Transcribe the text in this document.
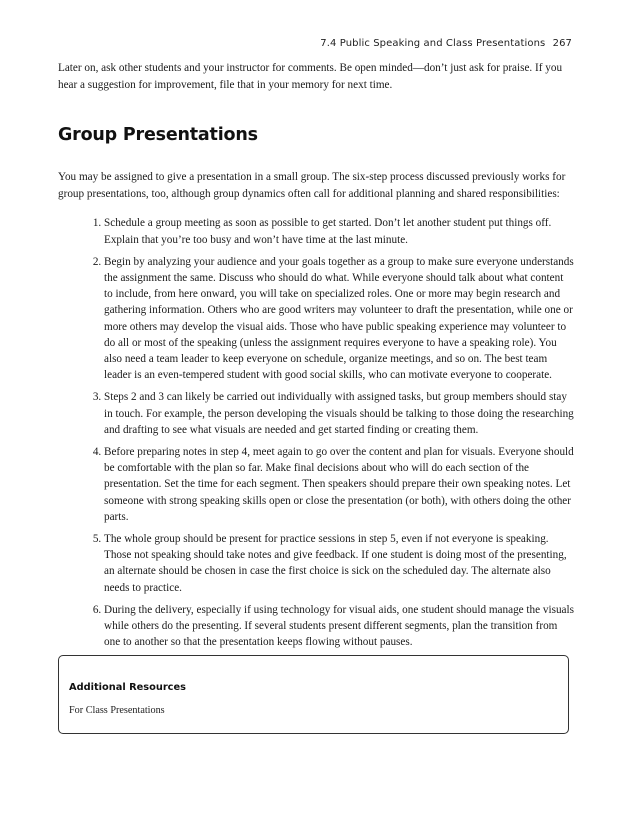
7.4 Public Speaking and Class Presentations 267

Later on, ask other students and your instructor for comments. Be open minded—don’t just ask for praise. If you hear a suggestion for improvement, file that in your memory for next time.

Group Presentations

You may be assigned to give a presentation in a small group. The six-step process discussed previously works for group presentations, too, although group dynamics often call for additional planning and shared responsibilities:

1. Schedule a group meeting as soon as possible to get started. Don’t let another student put things off. Explain that you’re too busy and won’t have time at the last minute.
2. Begin by analyzing your audience and your goals together as a group to make sure everyone understands the assignment the same. Discuss who should do what. While everyone should talk about what content to include, from here onward, you will take on specialized roles. One or more may begin research and gathering information. Others who are good writers may volunteer to draft the presentation, while one or more others may develop the visual aids. Those who have public speaking experience may volunteer to do all or most of the speaking (unless the assignment requires everyone to have a speaking role). You also need a team leader to keep everyone on schedule, organize meetings, and so on. The best team leader is an even-tempered student with good social skills, who can motivate everyone to cooperate.
3. Steps 2 and 3 can likely be carried out individually with assigned tasks, but group members should stay in touch. For example, the person developing the visuals should be talking to those doing the researching and drafting to see what visuals are needed and get started finding or creating them.
4. Before preparing notes in step 4, meet again to go over the content and plan for visuals. Everyone should be comfortable with the plan so far. Make final decisions about who will do each section of the presentation. Set the time for each segment. Then speakers should prepare their own speaking notes. Let someone with strong speaking skills open or close the presentation (or both), with others doing the other parts.
5. The whole group should be present for practice sessions in step 5, even if not everyone is speaking. Those not speaking should take notes and give feedback. If one student is doing most of the presenting, an alternate should be chosen in case the first choice is sick on the scheduled day. The alternate also needs to practice.
6. During the delivery, especially if using technology for visual aids, one student should manage the visuals while others do the presenting. If several students present different segments, plan the transition from one to another so that the presentation keeps flowing without pauses.
Additional Resources
For Class Presentations
